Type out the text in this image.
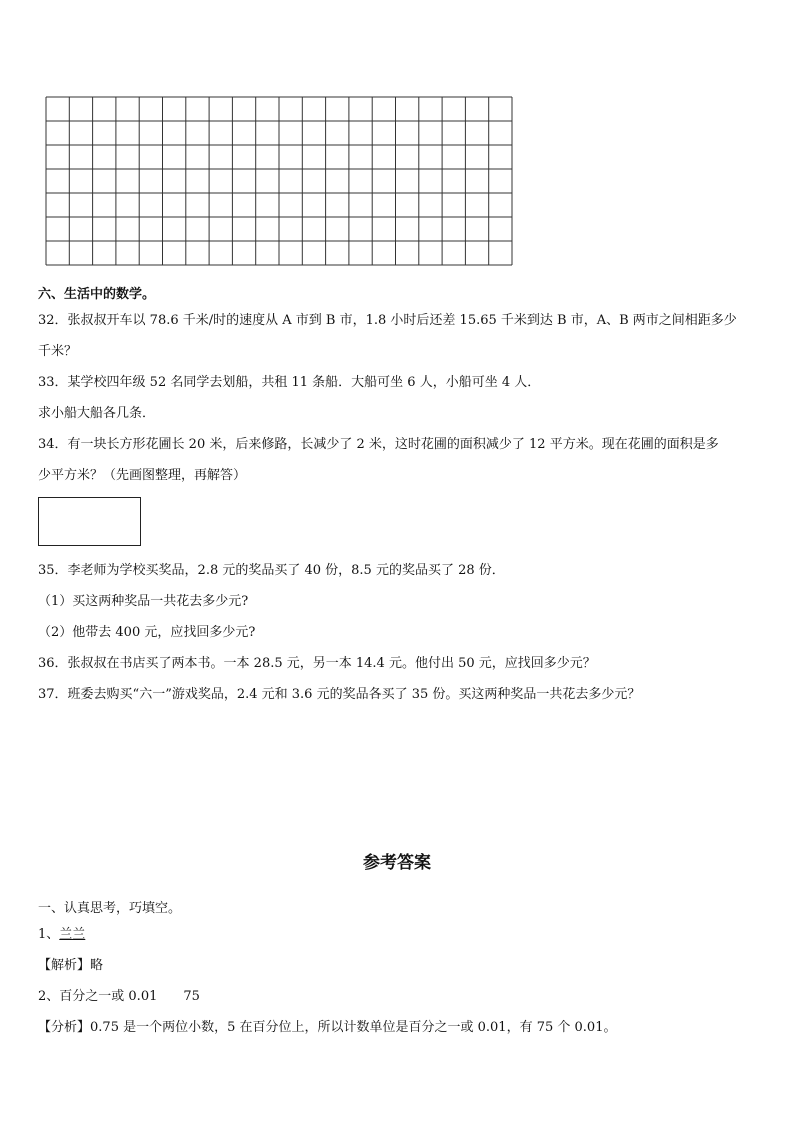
六、生活中的数学。
32．张叔叔开车以 78.6 千米/时的速度从 A 市到 B 市，1.8 小时后还差 15.65 千米到达 B 市，A、B 两市之间相距多少
千米？
33．某学校四年级 52 名同学去划船，共租 11 条船．大船可坐 6 人，小船可坐 4 人．
求小船大船各几条．
34．有一块长方形花圃长 20 米，后来修路，长减少了 2 米，这时花圃的面积减少了 12 平方米。现在花圃的面积是多
少平方米？（先画图整理，再解答）
35．李老师为学校买奖品，2.8 元的奖品买了 40 份，8.5 元的奖品买了 28 份．
（1）买这两种奖品一共花去多少元?
（2）他带去 400 元，应找回多少元?
36．张叔叔在书店买了两本书。一本 28.5 元，另一本 14.4 元。他付出 50 元，应找回多少元？
37．班委去购买“六一”游戏奖品，2.4 元和 3.6 元的奖品各买了 35 份。买这两种奖品一共花去多少元？
参考答案
一、认真思考，巧填空。
1、兰兰
【解析】略
2、百分之一或 0.01 75
【分析】0.75 是一个两位小数，5 在百分位上，所以计数单位是百分之一或 0.01，有 75 个 0.01。
